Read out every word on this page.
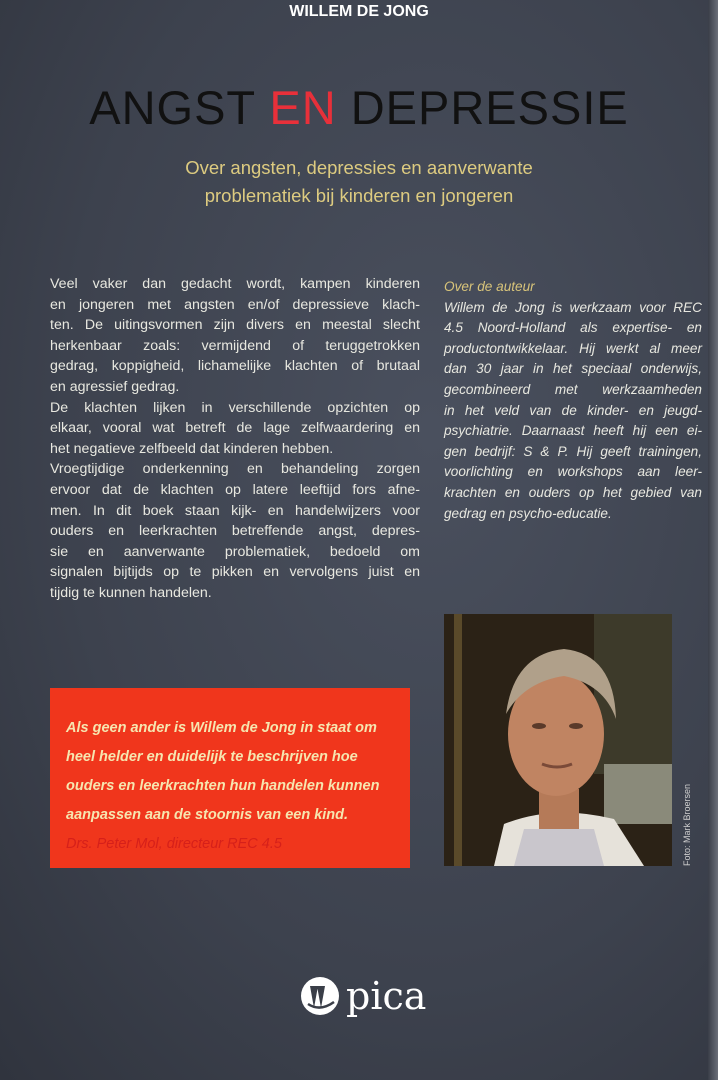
WILLEM DE JONG
ANGST EN DEPRESSIE
Over angsten, depressies en aanverwante
problematiek bij kinderen en jongeren
Veel vaker dan gedacht wordt, kampen kinderen
en jongeren met angsten en/of depressieve klach-
ten. De uitingsvormen zijn divers en meestal slecht
herkenbaar zoals: vermijdend of teruggetrokken
gedrag, koppigheid, lichamelijke klachten of brutaal
en agressief gedrag.
De klachten lijken in verschillende opzichten op
elkaar, vooral wat betreft de lage zelfwaardering en
het negatieve zelfbeeld dat kinderen hebben.
Vroegtijdige onderkenning en behandeling zorgen
ervoor dat de klachten op latere leeftijd fors afne-
men. In dit boek staan kijk- en handelwijzers voor
ouders en leerkrachten betreffende angst, depres-
sie en aanverwante problematiek, bedoeld om
signalen bijtijds op te pikken en vervolgens juist en
tijdig te kunnen handelen.
Over de auteur
Willem de Jong is werkzaam voor REC
4.5 Noord-Holland als expertise- en
productontwikkelaar. Hij werkt al meer
dan 30 jaar in het speciaal onderwijs,
gecombineerd met werkzaamheden
in het veld van de kinder- en jeugd-
psychiatrie. Daarnaast heeft hij een ei-
gen bedrijf: S & P. Hij geeft trainingen,
voorlichting en workshops aan leer-
krachten en ouders op het gebied van
gedrag en psycho-educatie.
Als geen ander is Willem de Jong in staat om
heel helder en duidelijk te beschrijven hoe
ouders en leerkrachten hun handelen kunnen
aanpassen aan de stoornis van een kind.
Drs. Peter Mol, directeur REC 4.5	Foto: Mark Broersen
pica
